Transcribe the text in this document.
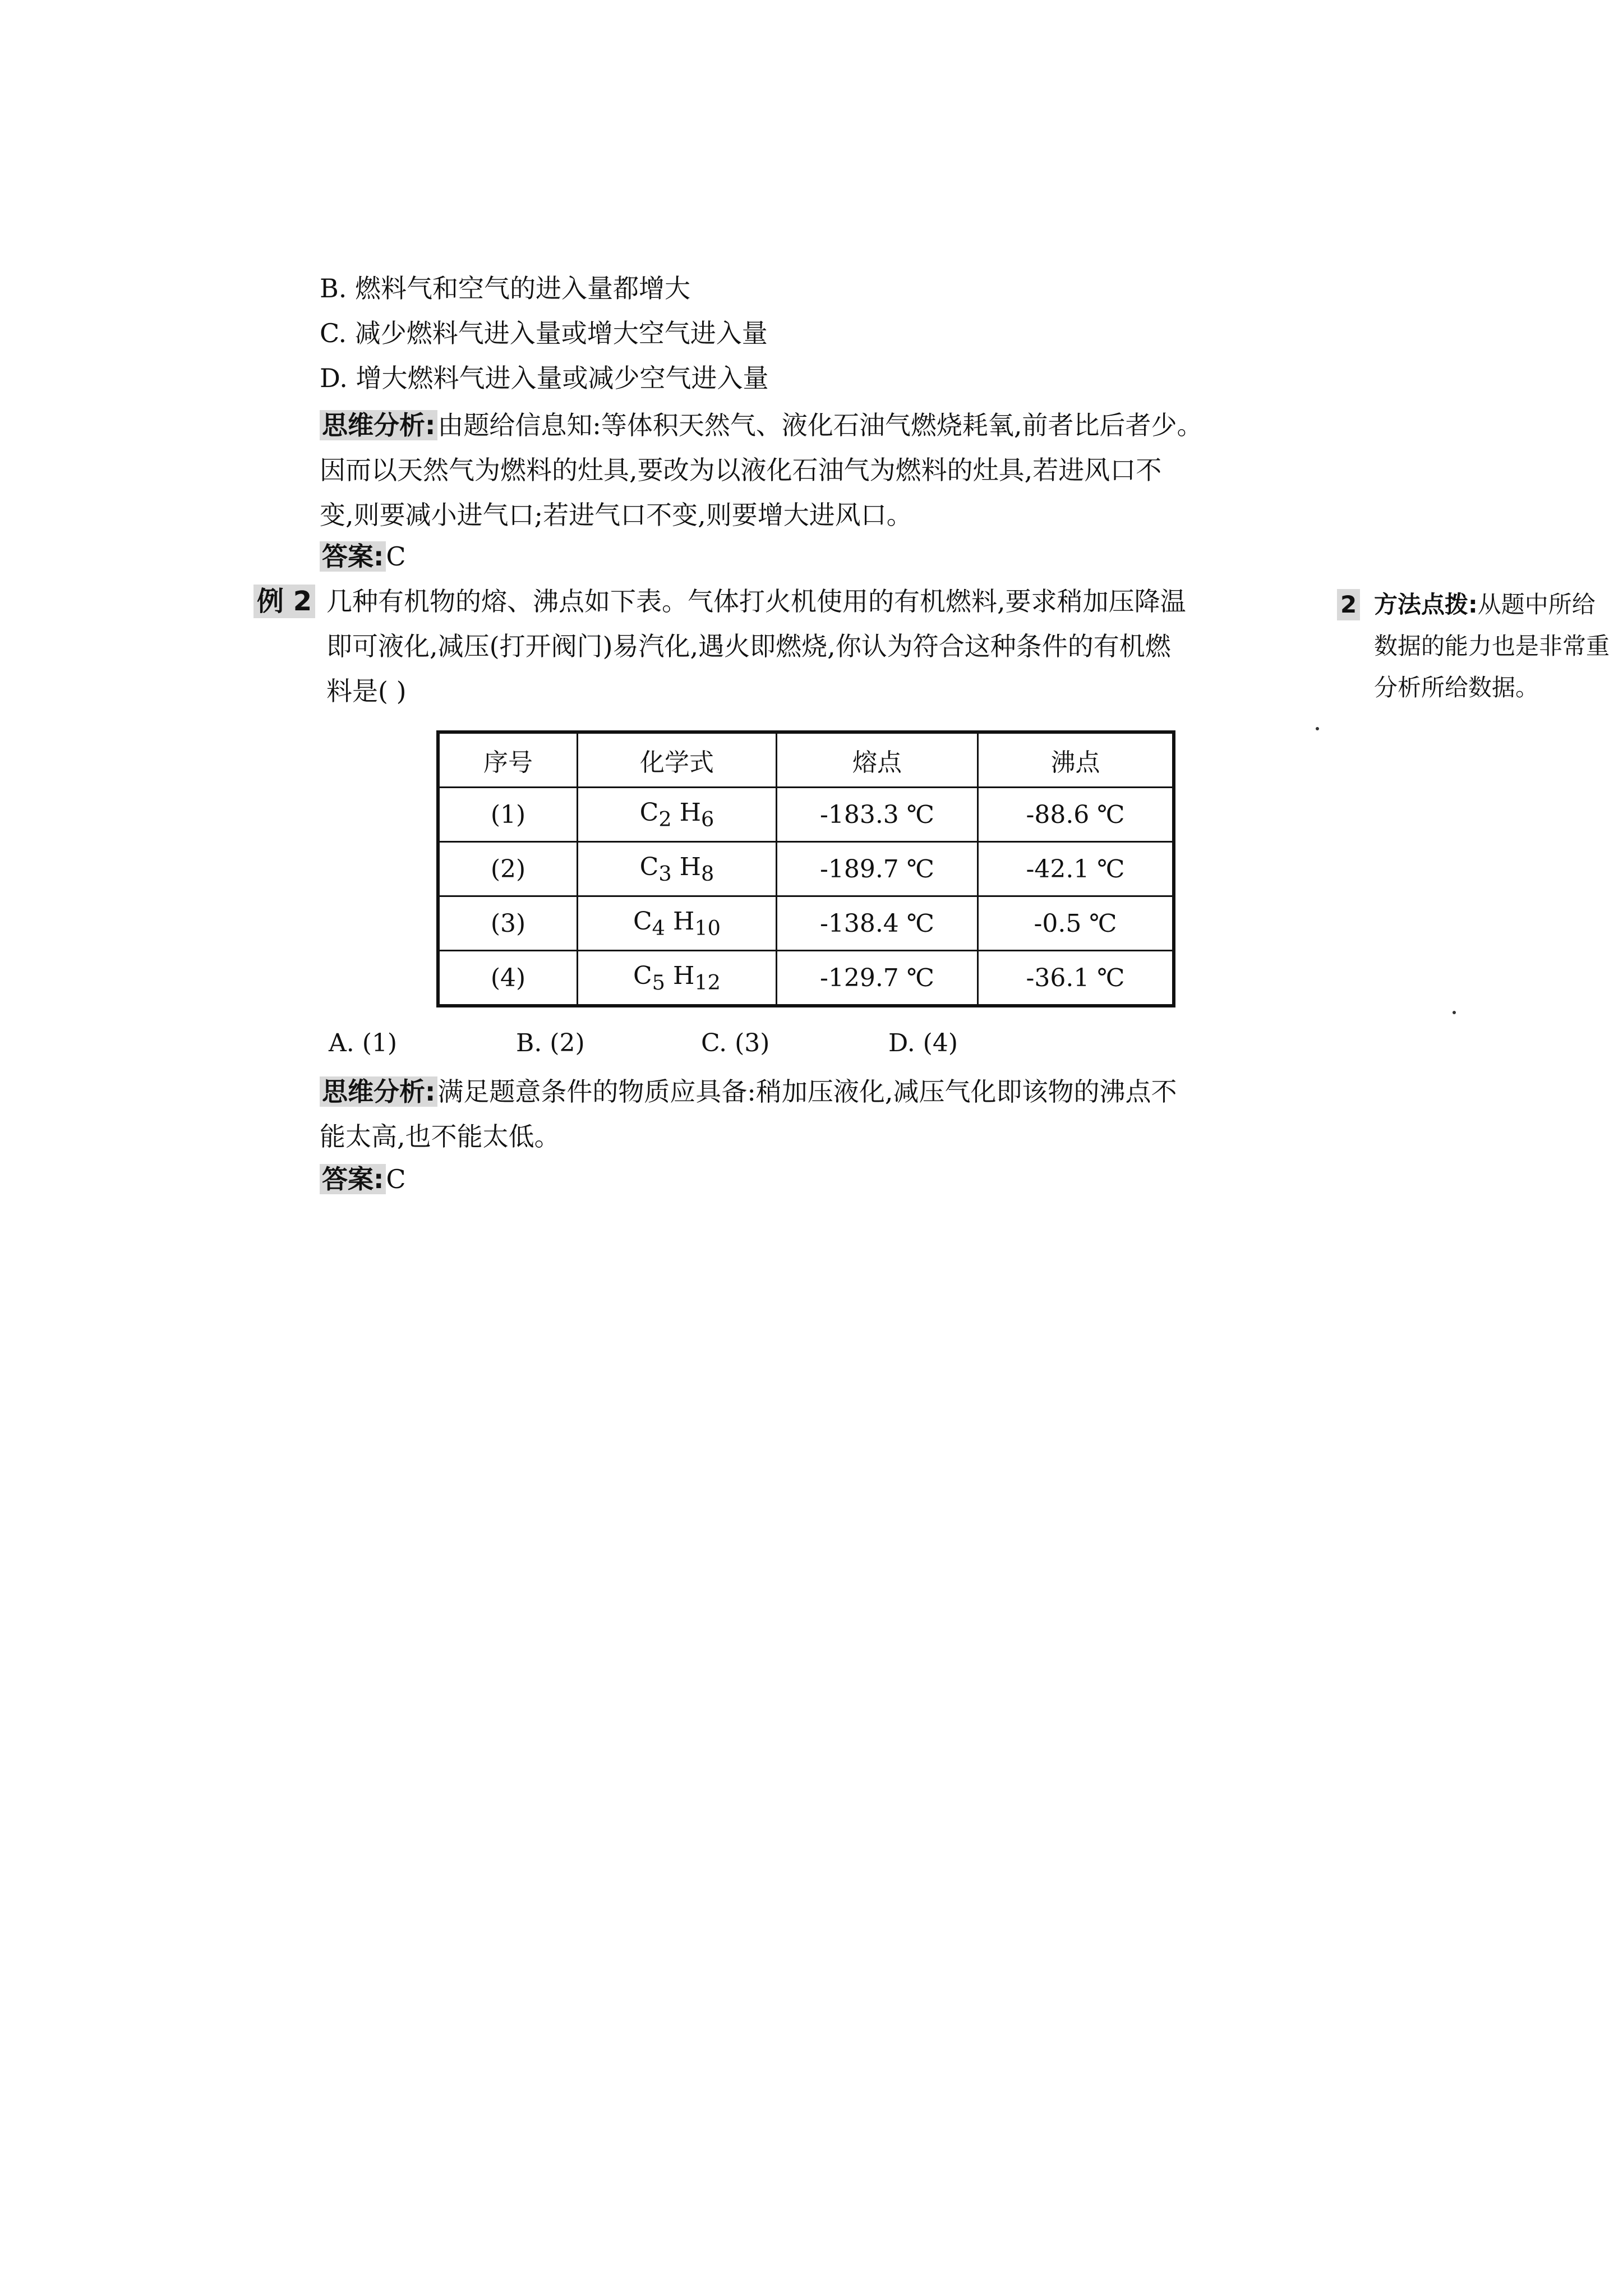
B. 燃料气和空气的进入量都增大
C. 减少燃料气进入量或增大空气进入量
D. 增大燃料气进入量或减少空气进入量
思维分析:由题给信息知:等体积天然气、液化石油气燃烧耗氧,前者比后者少。
因而以天然气为燃料的灶具,要改为以液化石油气为燃料的灶具,若进风口不
变,则要减小进气口;若进气口不变,则要增大进风口。
答案:C
例 2 几种有机物的熔、沸点如下表。气体打火机使用的有机燃料,要求稍加压降温
即可液化,减压(打开阀门)易汽化,遇火即燃烧,你认为符合这种条件的有机燃
料是( )
序号	化学式	熔点	沸点
(1)	$C_2$ $H_6$	-183.3 ℃	-88.6 ℃
(2)	$C_3$ $H_8$	-189.7 ℃	-42.1 ℃
(3)	$C_4$ $H_{10}$	-138.4 ℃	-0.5 ℃
(4)	$C_5$ $H_{12}$	-129.7 ℃	-36.1 ℃
A. (1)	B. (2)	C. (3)	D. (4)
思维分析:满足题意条件的物质应具备:稍加压液化,减压气化即该物的沸点不
能太高,也不能太低。
答案:C
2 方法点拨:从题中所给
数据的能力也是非常重
分析所给数据。
